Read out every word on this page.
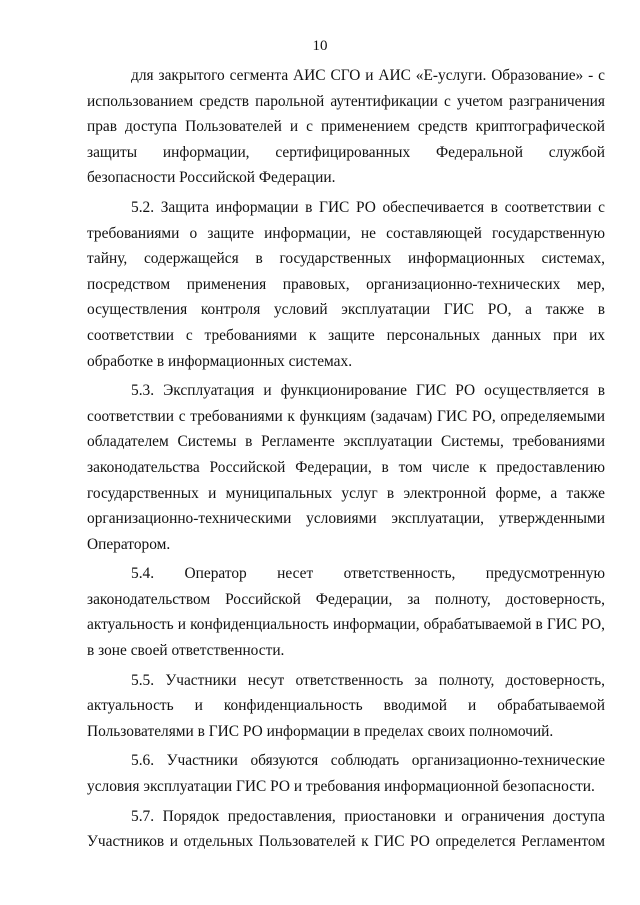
10

для закрытого сегмента АИС СГО и АИС «Е-услуги. Образование» - с использованием средств парольной аутентификации с учетом разграничения прав доступа Пользователей и с применением средств криптографической защиты информации, сертифицированных Федеральной службой безопасности Российской Федерации.

5.2. Защита информации в ГИС РО обеспечивается в соответствии с требованиями о защите информации, не составляющей государственную тайну, содержащейся в государственных информационных системах, посредством применения правовых, организационно-технических мер, осуществления контроля условий эксплуатации ГИС РО, а также в соответствии с требованиями к защите персональных данных при их обработке в информационных системах.

5.3. Эксплуатация и функционирование ГИС РО осуществляется в соответствии с требованиями к функциям (задачам) ГИС РО, определяемыми обладателем Системы в Регламенте эксплуатации Системы, требованиями законодательства Российской Федерации, в том числе к предоставлению государственных и муниципальных услуг в электронной форме, а также организационно-техническими условиями эксплуатации, утвержденными Оператором.

5.4. Оператор несет ответственность, предусмотренную законодательством Российской Федерации, за полноту, достоверность, актуальность и конфиденциальность информации, обрабатываемой в ГИС РО, в зоне своей ответственности.

5.5. Участники несут ответственность за полноту, достоверность, актуальность и конфиденциальность вводимой и обрабатываемой Пользователями в ГИС РО информации в пределах своих полномочий.

5.6. Участники обязуются соблюдать организационно-технические условия эксплуатации ГИС РО и требования информационной безопасности.

5.7. Порядок предоставления, приостановки и ограничения доступа Участников и отдельных Пользователей к ГИС РО определется Регламентом
